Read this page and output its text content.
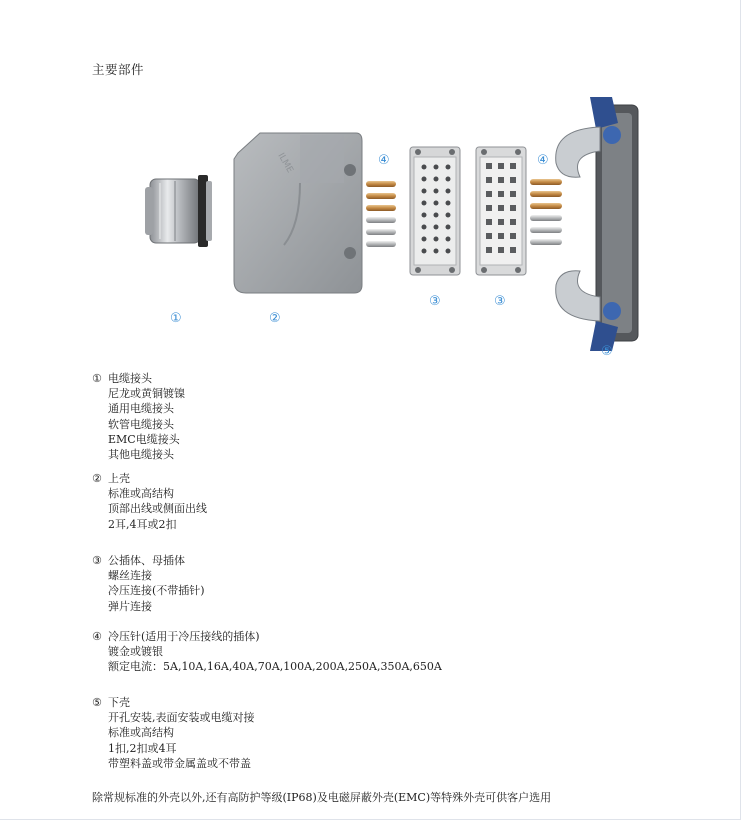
主要部件
ILME	④	④
①	②
③	③
⑤
① 电缆接头
尼龙或黄铜镀镍
通用电缆接头
软管电缆接头
EMC电缆接头
其他电缆接头
② 上壳
标准或高结构
顶部出线或侧面出线
2耳,4耳或2扣
③ 公插体、母插体
螺丝连接
冷压连接(不带插针)
弹片连接
④ 冷压针(适用于冷压接线的插体)
镀金或镀银
额定电流：5A,10A,16A,40A,70A,100A,200A,250A,350A,650A
⑤ 下壳
开孔安装,表面安装或电缆对接
标准或高结构
1扣,2扣或4耳
带塑料盖或带金属盖或不带盖
除常规标准的外壳以外,还有高防护等级(IP68)及电磁屏蔽外壳(EMC)等特殊外壳可供客户选用
